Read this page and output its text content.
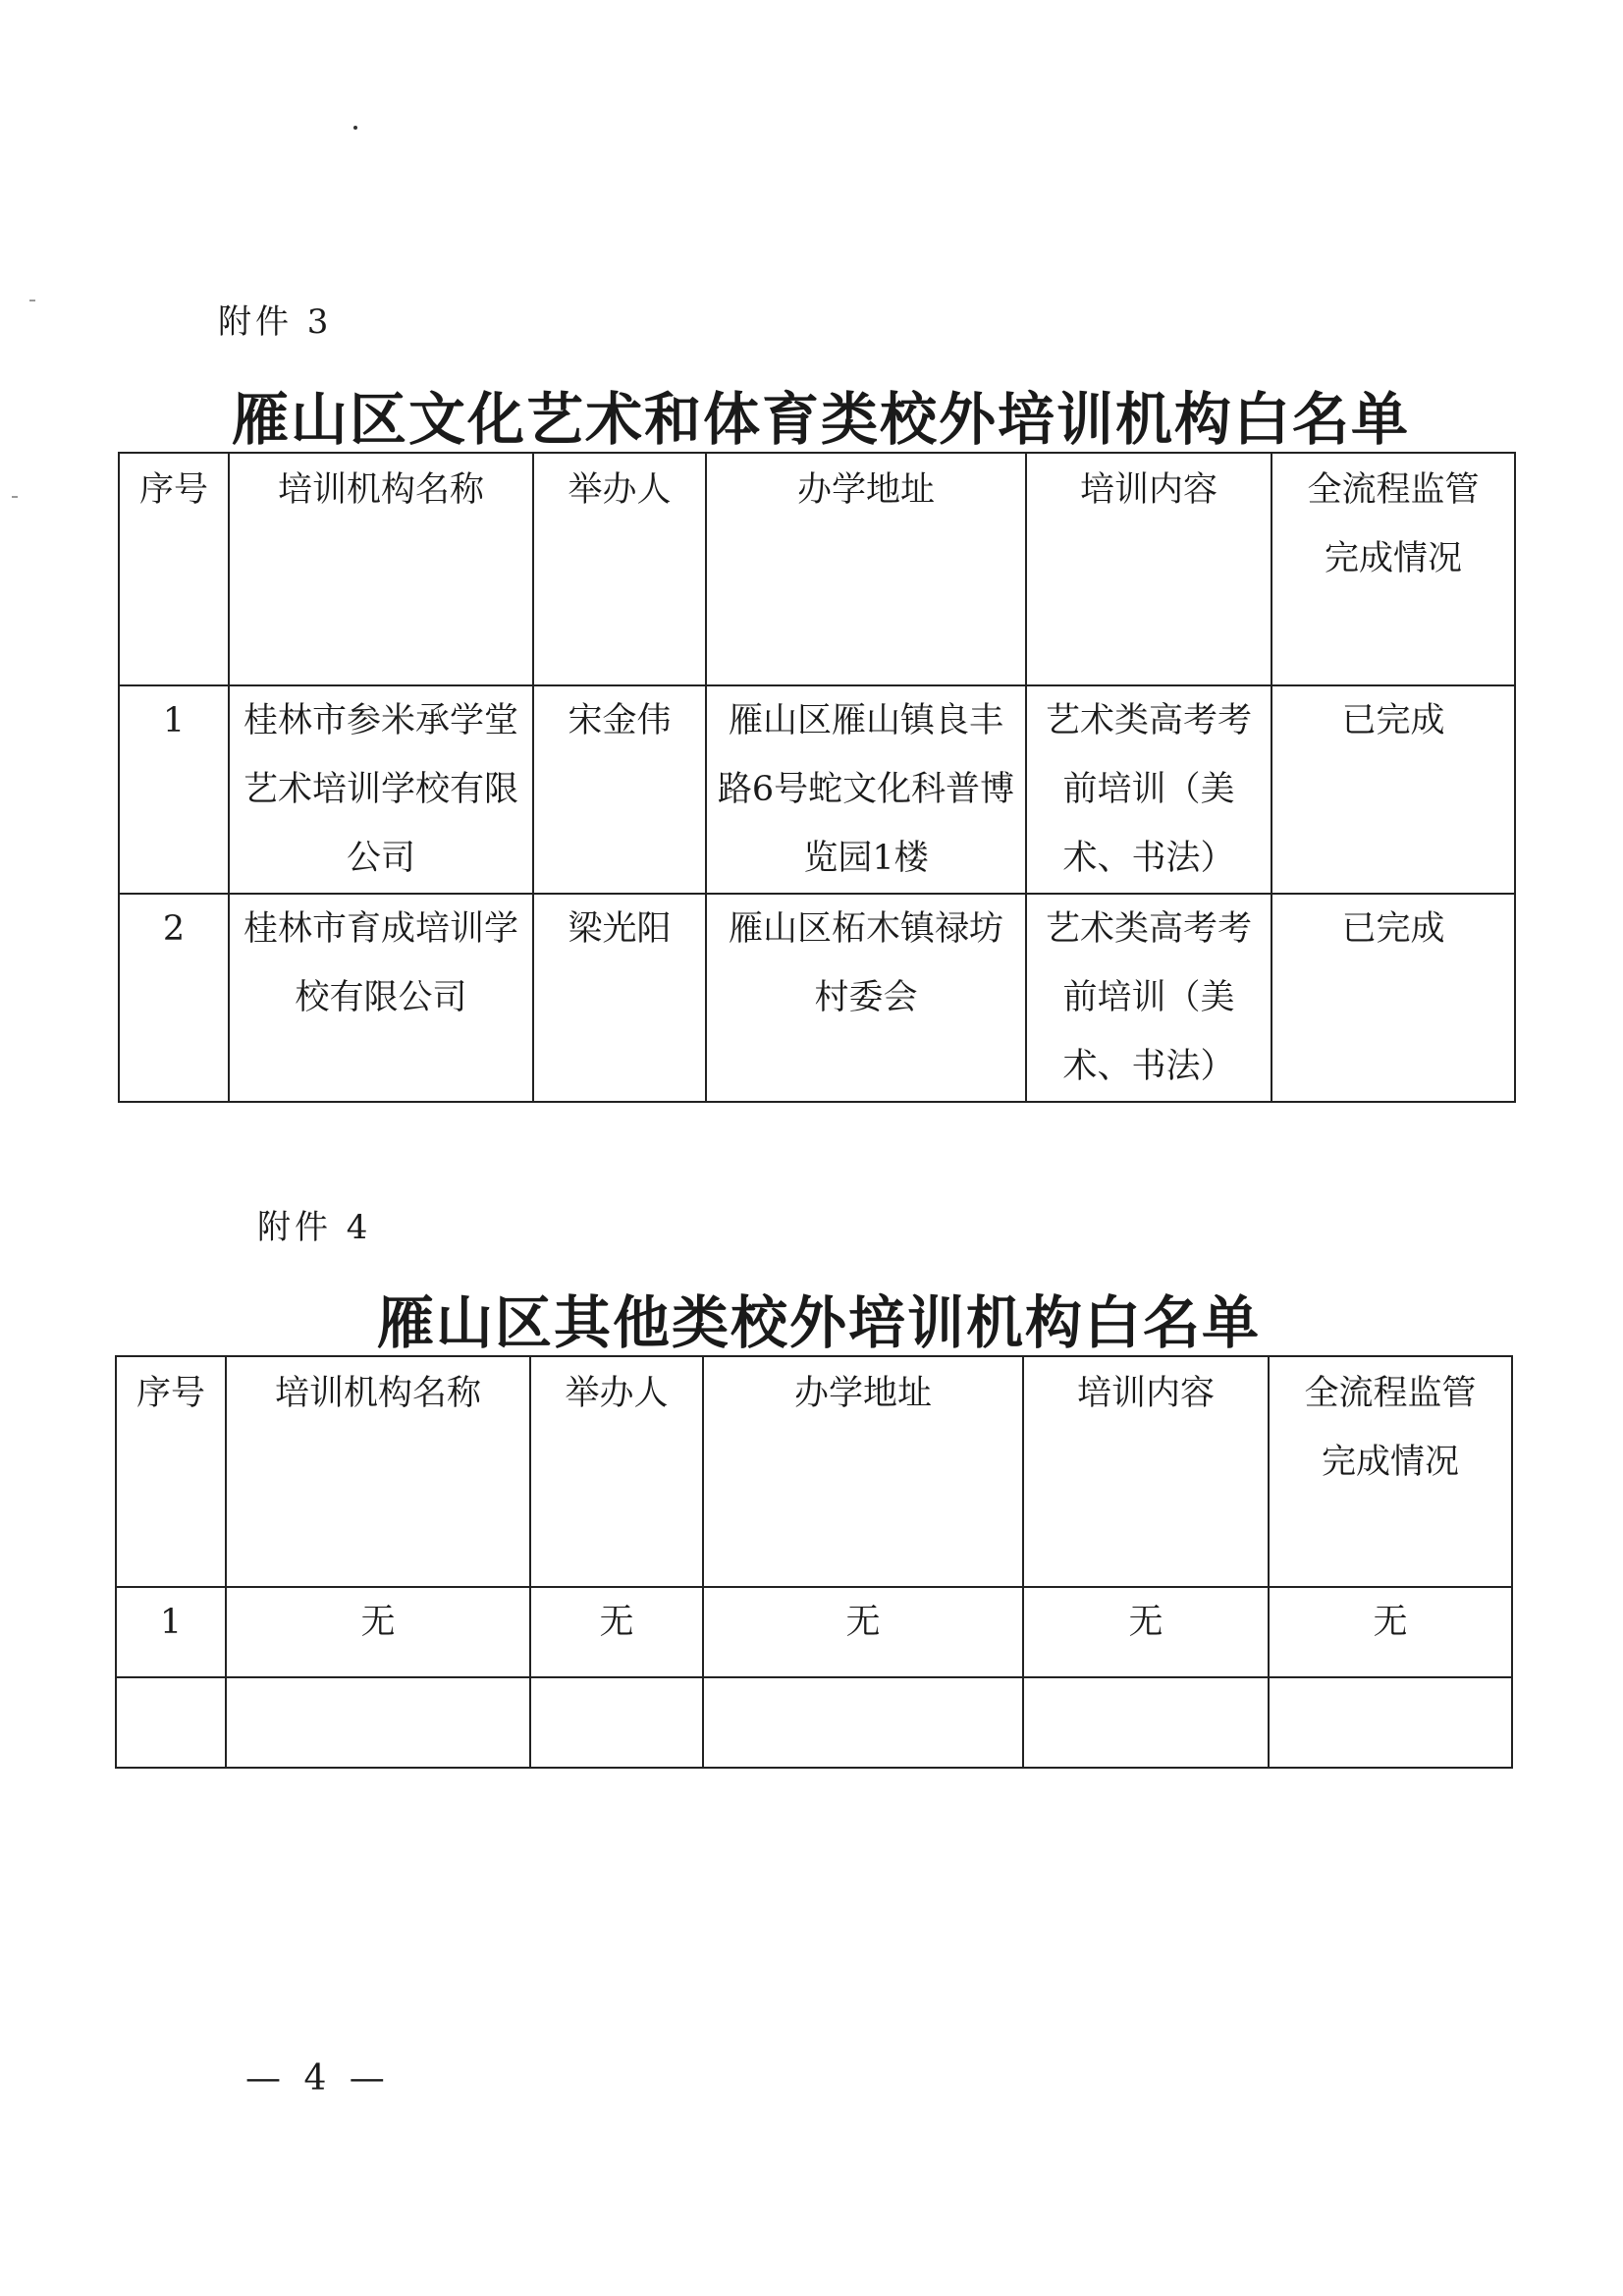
附件 3
雁山区文化艺术和体育类校外培训机构白名单
序号	培训机构名称	举办人	办学地址	培训内容	全流程监管完成情况

1	桂林市参米承学堂艺术培训学校有限公司	宋金伟	雁山区雁山镇良丰路6号蛇文化科普博览园1楼	艺术类高考考前培训（美术、书法）	已完成

2	桂林市育成培训学校有限公司	梁光阳	雁山区柘木镇禄坊村委会	艺术类高考考前培训（美术、书法）	已完成
附件 4
雁山区其他类校外培训机构白名单
序号	培训机构名称	举办人	办学地址	培训内容	全流程监管完成情况

1	无	无	无	无	无

— 4 —
